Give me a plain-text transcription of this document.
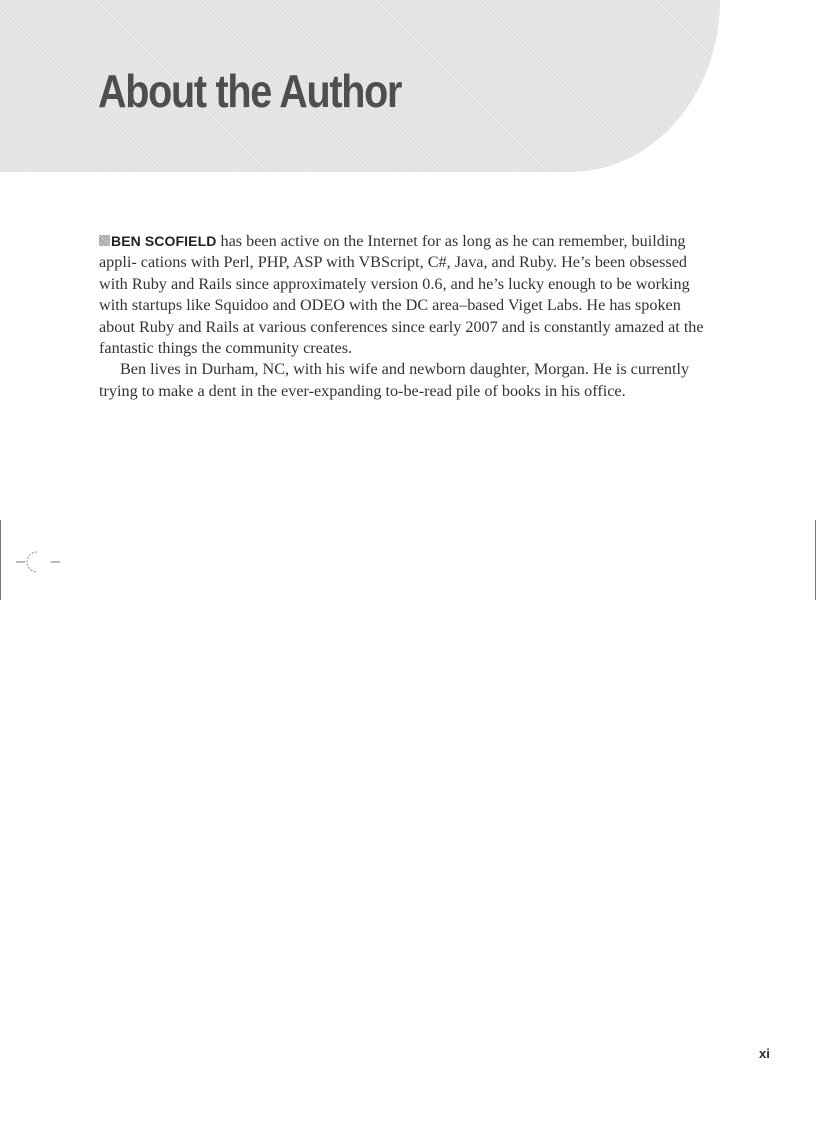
About the Author

BEN SCOFIELD has been active on the Internet for as long as he can remember, building appli- cations with Perl, PHP, ASP with VBScript, C#, Java, and Ruby. He’s been obsessed with Ruby and Rails since approximately version 0.6, and he’s lucky enough to be working with startups like Squidoo and ODEO with the DC area–based Viget Labs. He has spoken about Ruby and Rails at various conferences since early 2007 and is constantly amazed at the fantastic things the community creates.

Ben lives in Durham, NC, with his wife and newborn daughter, Morgan. He is currently trying to make a dent in the ever-expanding to-be-read pile of books in his office.

xi
